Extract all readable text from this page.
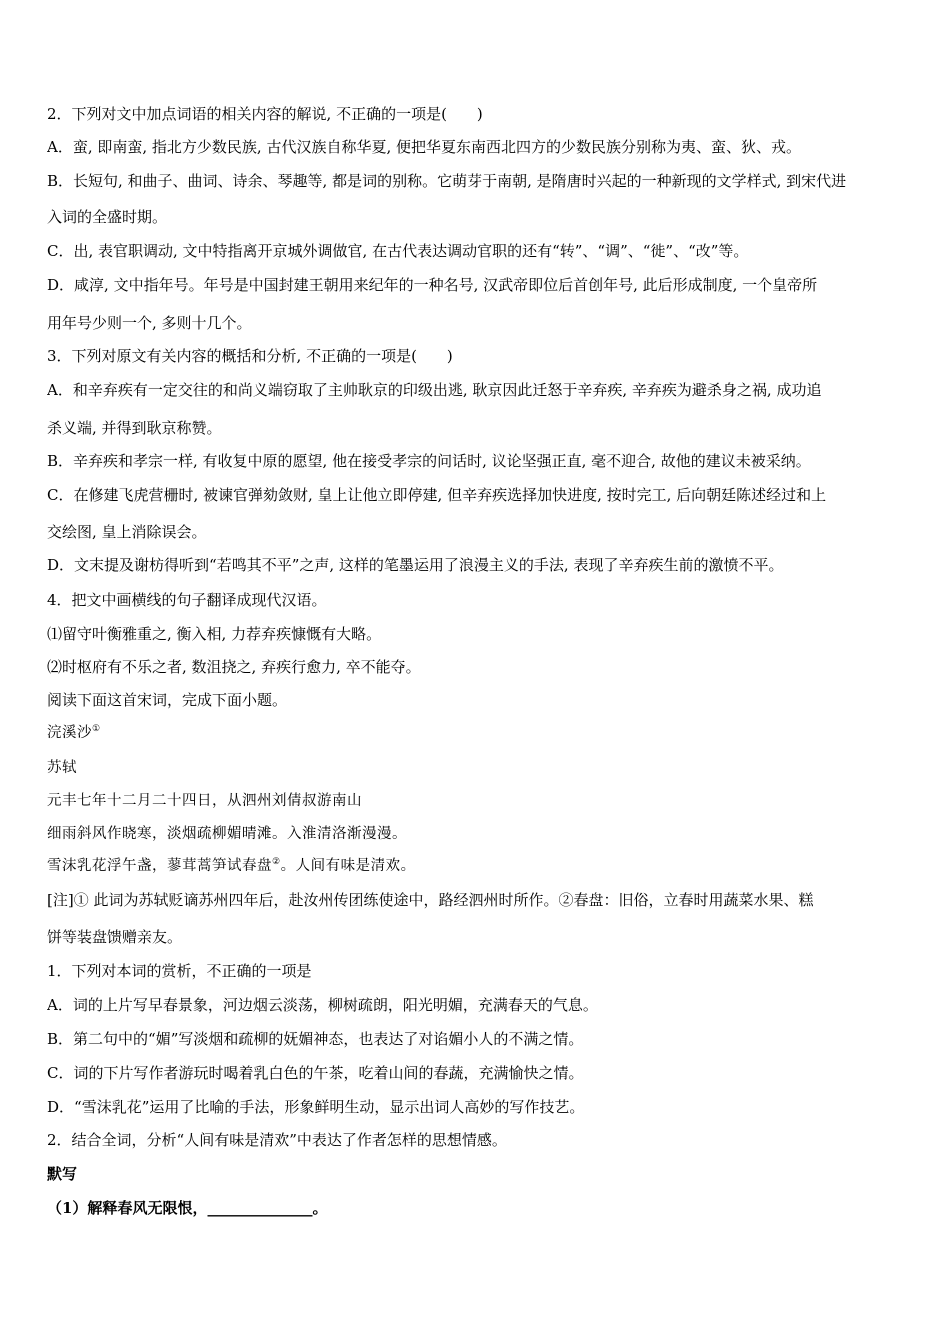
2．下列对文中加点词语的相关内容的解说, 不正确的一项是(　　)
A．蛮, 即南蛮, 指北方少数民族, 古代汉族自称华夏, 便把华夏东南西北四方的少数民族分别称为夷、蛮、狄、戎。
B．长短句, 和曲子、曲词、诗余、琴趣等, 都是词的别称。它萌芽于南朝, 是隋唐时兴起的一种新现的文学样式, 到宋代进
入词的全盛时期。
C．出, 表官职调动, 文中特指离开京城外调做官, 在古代表达调动官职的还有“转”、“调”、“徙”、“改”等。
D．咸淳, 文中指年号。年号是中国封建王朝用来纪年的一种名号, 汉武帝即位后首创年号, 此后形成制度, 一个皇帝所
用年号少则一个, 多则十几个。
3．下列对原文有关内容的概括和分析, 不正确的一项是(　　)
A．和辛弃疾有一定交往的和尚义端窃取了主帅耿京的印级出逃, 耿京因此迁怒于辛弃疾, 辛弃疾为避杀身之祸, 成功追
杀义端, 并得到耿京称赞。
B．辛弃疾和孝宗一样, 有收复中原的愿望, 他在接受孝宗的问话时, 议论坚强正直, 毫不迎合, 故他的建议未被采纳。
C．在修建飞虎营栅时, 被谏官弹劾敛财, 皇上让他立即停建, 但辛弃疾选择加快进度, 按时完工, 后向朝廷陈述经过和上
交绘图, 皇上消除误会。
D．文末提及谢枋得听到“若鸣其不平”之声, 这样的笔墨运用了浪漫主义的手法, 表现了辛弃疾生前的激愤不平。
4．把文中画横线的句子翻译成现代汉语。
⑴留守叶衡雅重之, 衡入相, 力荐弃疾慷慨有大略。
⑵时枢府有不乐之者, 数沮挠之, 弃疾行愈力, 卒不能夺。
阅读下面这首宋词，完成下面小题。
浣溪沙①
苏轼
元丰七年十二月二十四日，从泗州刘倩叔游南山
细雨斜风作晓寒，淡烟疏柳媚晴滩。入淮清洛渐漫漫。
雪沫乳花浮午盏，蓼茸蒿笋试春盘②。人间有味是清欢。
[注]① 此词为苏轼贬谪苏州四年后，赴汝州传团练使途中，路经泗州时所作。②春盘：旧俗，立春时用蔬菜水果、糕
饼等装盘馈赠亲友。
1．下列对本词的赏析，不正确的一项是
A．词的上片写早春景象，河边烟云淡荡，柳树疏朗，阳光明媚，充满春天的气息。
B．第二句中的“媚”写淡烟和疏柳的妩媚神态，也表达了对谄媚小人的不满之情。
C．词的下片写作者游玩时喝着乳白色的午茶，吃着山间的春蔬，充满愉快之情。
D．“雪沫乳花”运用了比喻的手法，形象鲜明生动，显示出词人高妙的写作技艺。
2．结合全词，分析“人间有味是清欢”中表达了作者怎样的思想情感。
默写
（1）解释春风无限恨，______________。
